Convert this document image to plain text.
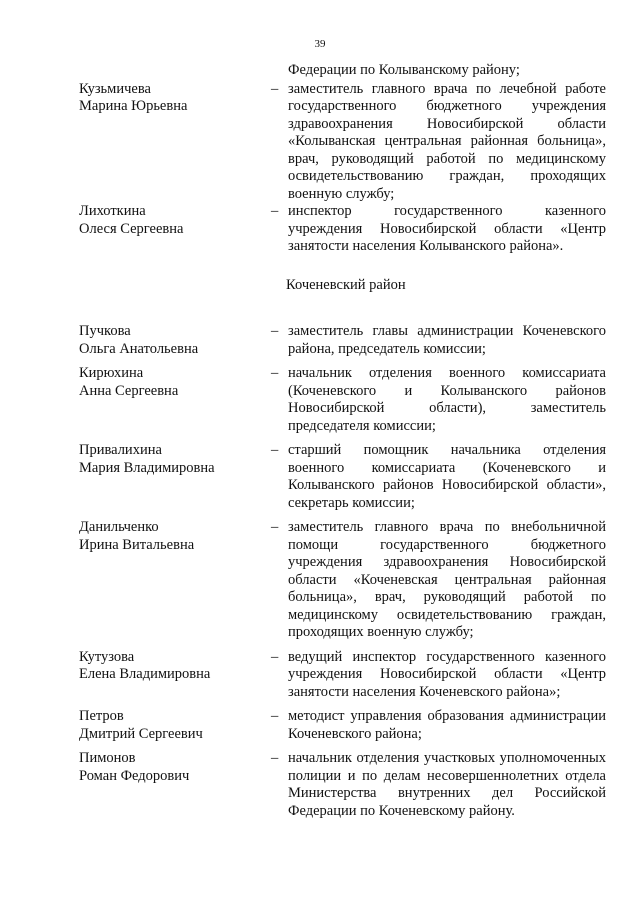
39
Федерации по Колыванскому району;
Кузьмичева
Марина Юрьевна
– заместитель главного врача по лечебной работе государственного бюджетного учреждения здравоохранения Новосибирской области «Колыванская центральная районная больница», врач, руководящий работой по медицинскому освидетельствованию граждан, проходящих военную службу;
Лихоткина
Олеся Сергеевна
– инспектор государственного казенного учреждения Новосибирской области «Центр занятости населения Колыванского района».
Коченевский район
Пучкова
Ольга Анатольевна
– заместитель главы администрации Коченевского района, председатель комиссии;
Кирюхина
Анна Сергеевна
– начальник отделения военного комиссариата (Коченевского и Колыванского районов Новосибирской области), заместитель председателя комиссии;
Привалихина
Мария Владимировна
– старший помощник начальника отделения военного комиссариата (Коченевского и Колыванского районов Новосибирской области», секретарь комиссии;
Данильченко
Ирина Витальевна
– заместитель главного врача по внебольничной помощи государственного бюджетного учреждения здравоохранения Новосибирской области «Коченевская центральная районная больница», врач, руководящий работой по медицинскому освидетельствованию граждан, проходящих военную службу;
Кутузова
Елена Владимировна
– ведущий инспектор государственного казенного учреждения Новосибирской области «Центр занятости населения Коченевского района»;
Петров
Дмитрий Сергеевич
– методист управления образования администрации Коченевского района;
Пимонов
Роман Федорович
– начальник отделения участковых уполномоченных полиции и по делам несовершеннолетних отдела Министерства внутренних дел Российской Федерации по Коченевскому району.
